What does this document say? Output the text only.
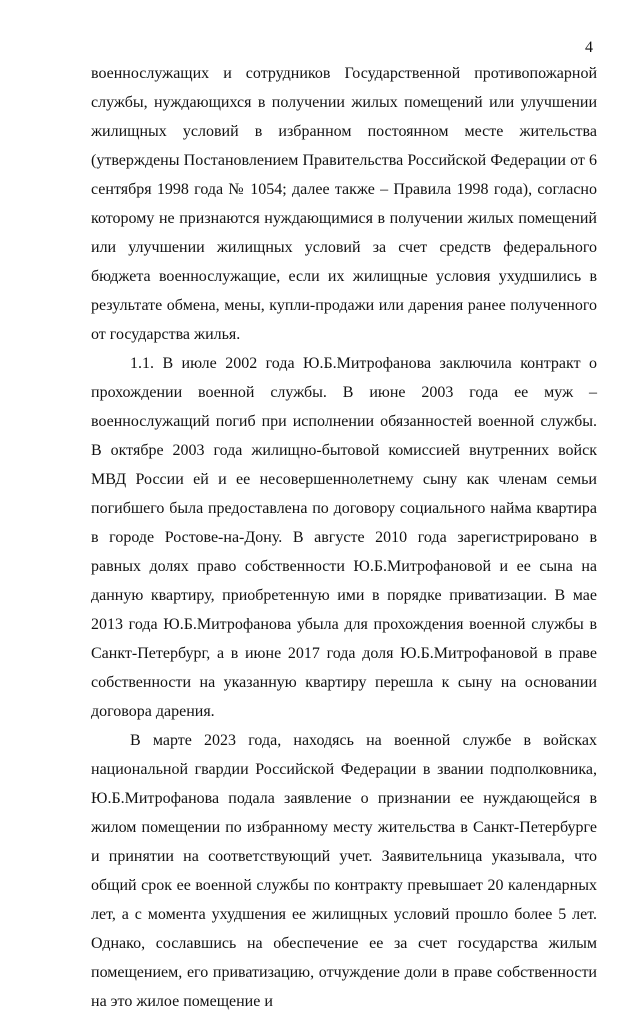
4

военнослужащих и сотрудников Государственной противопожарной службы, нуждающихся в получении жилых помещений или улучшении жилищных условий в избранном постоянном месте жительства (утверждены Постановлением Правительства Российской Федерации от 6 сентября 1998 года № 1054; далее также – Правила 1998 года), согласно которому не признаются нуждающимися в получении жилых помещений или улучшении жилищных условий за счет средств федерального бюджета военнослужащие, если их жилищные условия ухудшились в результате обмена, мены, купли-продажи или дарения ранее полученного от государства жилья.

1.1. В июле 2002 года Ю.Б.Митрофанова заключила контракт о прохождении военной службы. В июне 2003 года ее муж – военнослужащий погиб при исполнении обязанностей военной службы. В октябре 2003 года жилищно-бытовой комиссией внутренних войск МВД России ей и ее несовершеннолетнему сыну как членам семьи погибшего была предоставлена по договору социального найма квартира в городе Ростове-на-Дону. В августе 2010 года зарегистрировано в равных долях право собственности Ю.Б.Митрофановой и ее сына на данную квартиру, приобретенную ими в порядке приватизации. В мае 2013 года Ю.Б.Митрофанова убыла для прохождения военной службы в Санкт-Петербург, а в июне 2017 года доля Ю.Б.Митрофановой в праве собственности на указанную квартиру перешла к сыну на основании договора дарения.

В марте 2023 года, находясь на военной службе в войсках национальной гвардии Российской Федерации в звании подполковника, Ю.Б.Митрофанова подала заявление о признании ее нуждающейся в жилом помещении по избранному месту жительства в Санкт-Петербурге и принятии на соответствующий учет. Заявительница указывала, что общий срок ее военной службы по контракту превышает 20 календарных лет, а с момента ухудшения ее жилищных условий прошло более 5 лет. Однако, сославшись на обеспечение ее за счет государства жилым помещением, его приватизацию, отчуждение доли в праве собственности на это жилое помещение и
